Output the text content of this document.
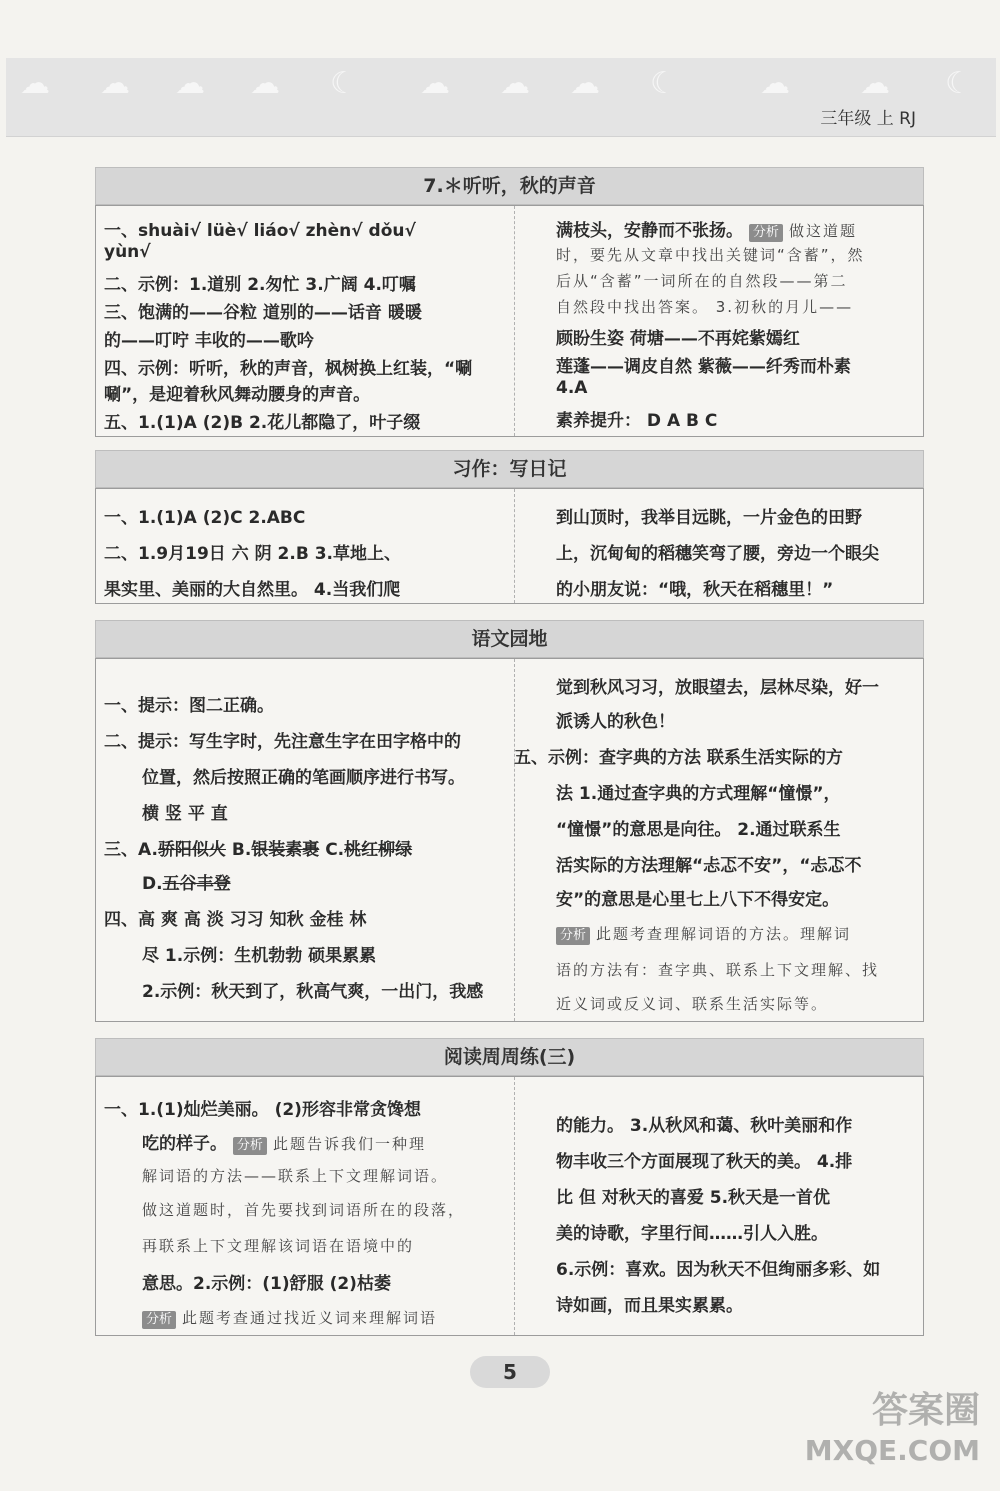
☁ ☁ ☁ ☁ ☾ ☁ ☁ ☁ ☾	☁ ☁ ☾
三年级 上 RJ
7.＊听听，秋的声音
一、shuài√ lüè√ liáo√ zhèn√ dǒu√
yùn√
二、示例：1.道别 2.匆忙 3.广阔 4.叮嘱
三、饱满的——谷粒 道别的——话音 暖暖
的——叮咛 丰收的——歌吟
四、示例：听听，秋的声音，枫树换上红装，“唰
唰”，是迎着秋风舞动腰身的声音。
五、1.(1)A (2)B 2.花儿都隐了，叶子缀
满枝头，安静而不张扬。 分析 做这道题
时，要先从文章中找出关键词“含蓄”，然
后从“含蓄”一词所在的自然段——第二
自然段中找出答案。 3.初秋的月儿——
顾盼生姿 荷塘——不再姹紫嫣红
莲蓬——调皮自然 紫薇——纤秀而朴素
4.A
素养提升： D A B C
习作：写日记
一、1.(1)A (2)C 2.ABC
二、1.9月19日 六 阴 2.B 3.草地上、
果实里、美丽的大自然里。 4.当我们爬
到山顶时，我举目远眺，一片金色的田野
上，沉甸甸的稻穗笑弯了腰，旁边一个眼尖
的小朋友说：“哦，秋天在稻穗里！”
语文园地
一、提示：图二正确。
二、提示：写生字时，先注意生字在田字格中的
位置，然后按照正确的笔画顺序进行书写。
横 竖 平 直
三、A.骄阳似火 B.银装素裹 C.桃红柳绿
D.五谷丰登
四、高 爽 高 淡 习习 知秋 金桂 林
尽 1.示例：生机勃勃 硕果累累
2.示例：秋天到了，秋高气爽，一出门，我感
觉到秋风习习，放眼望去，层林尽染，好一
派诱人的秋色！
五、示例：查字典的方法 联系生活实际的方
法 1.通过查字典的方式理解“憧憬”，
“憧憬”的意思是向往。 2.通过联系生
活实际的方法理解“忐忑不安”，“忐忑不
安”的意思是心里七上八下不得安定。
分析 此题考查理解词语的方法。理解词
语的方法有：查字典、联系上下文理解、找
近义词或反义词、联系生活实际等。
阅读周周练(三)
一、1.(1)灿烂美丽。 (2)形容非常贪馋想
吃的样子。 分析 此题告诉我们一种理
解词语的方法——联系上下文理解词语。
做这道题时，首先要找到词语所在的段落，
再联系上下文理解该词语在语境中的
意思。2.示例：(1)舒服 (2)枯萎
分析 此题考查通过找近义词来理解词语
的能力。 3.从秋风和蔼、秋叶美丽和作
物丰收三个方面展现了秋天的美。 4.排
比 但 对秋天的喜爱 5.秋天是一首优
美的诗歌，字里行间……引人入胜。
6.示例：喜欢。因为秋天不但绚丽多彩、如
诗如画，而且果实累累。
5
答案圈
MXQE.COM
